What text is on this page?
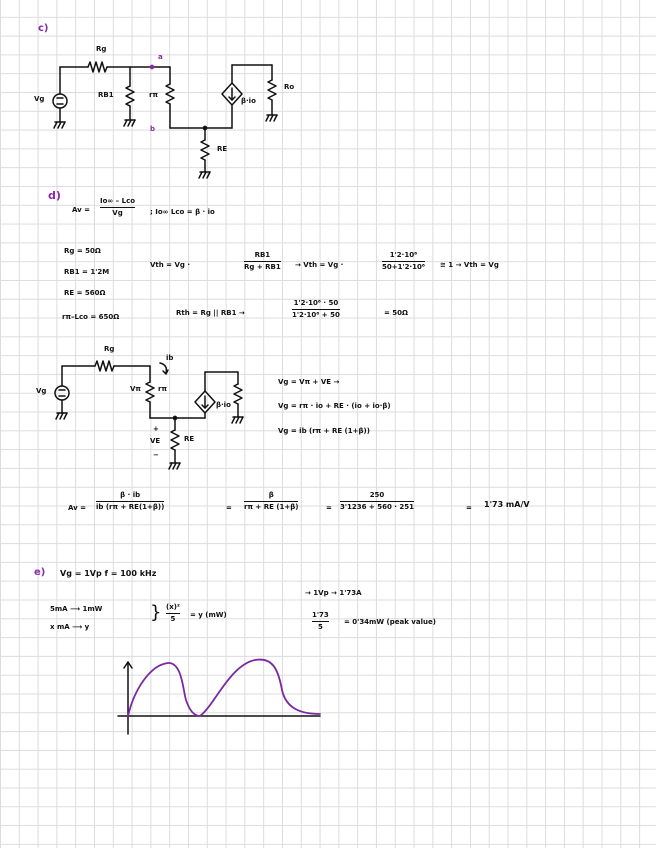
c)
Rg
RB1	rπ
Ro
RE
Vg	β·io
a
b
d)
Av =
Io∞ – Lco
Vg	; Io∞ Lco = β · io
Rg = 50Ω
RB1 = 1'2M
RE = 560Ω
rπ–Lco = 650Ω
Vth = Vg ·
RB1
Rg + RB1 → Vth = Vg ·
1'2·10⁶
50+1'2·10⁶ ≅ 1 → Vth = Vg
Rth = Rg || RB1 →
1'2·10⁶ · 50
1'2·10⁶ + 50	= 50Ω
Rg
ib
Vπ rπ
β·io
RE
VE
+
−
Vg
Vg = Vπ + VE →
Vg = rπ · io + RE · (io + io·β)
Vg = ib (rπ + RE (1+β))
Av =
β · ib
ib (rπ + RE(1+β))	=
β
rπ + RE (1+β)	=
250
3'1236 + 560 · 251	= 1'73 mA/V
e) Vg = 1Vp f = 100 kHz
5mA ⟶ 1mW
x mA ⟶ y
} (x)²
5
= y (mW)
→ 1Vp → 1'73A
1'73
5
= 0'34mW (peak value)
